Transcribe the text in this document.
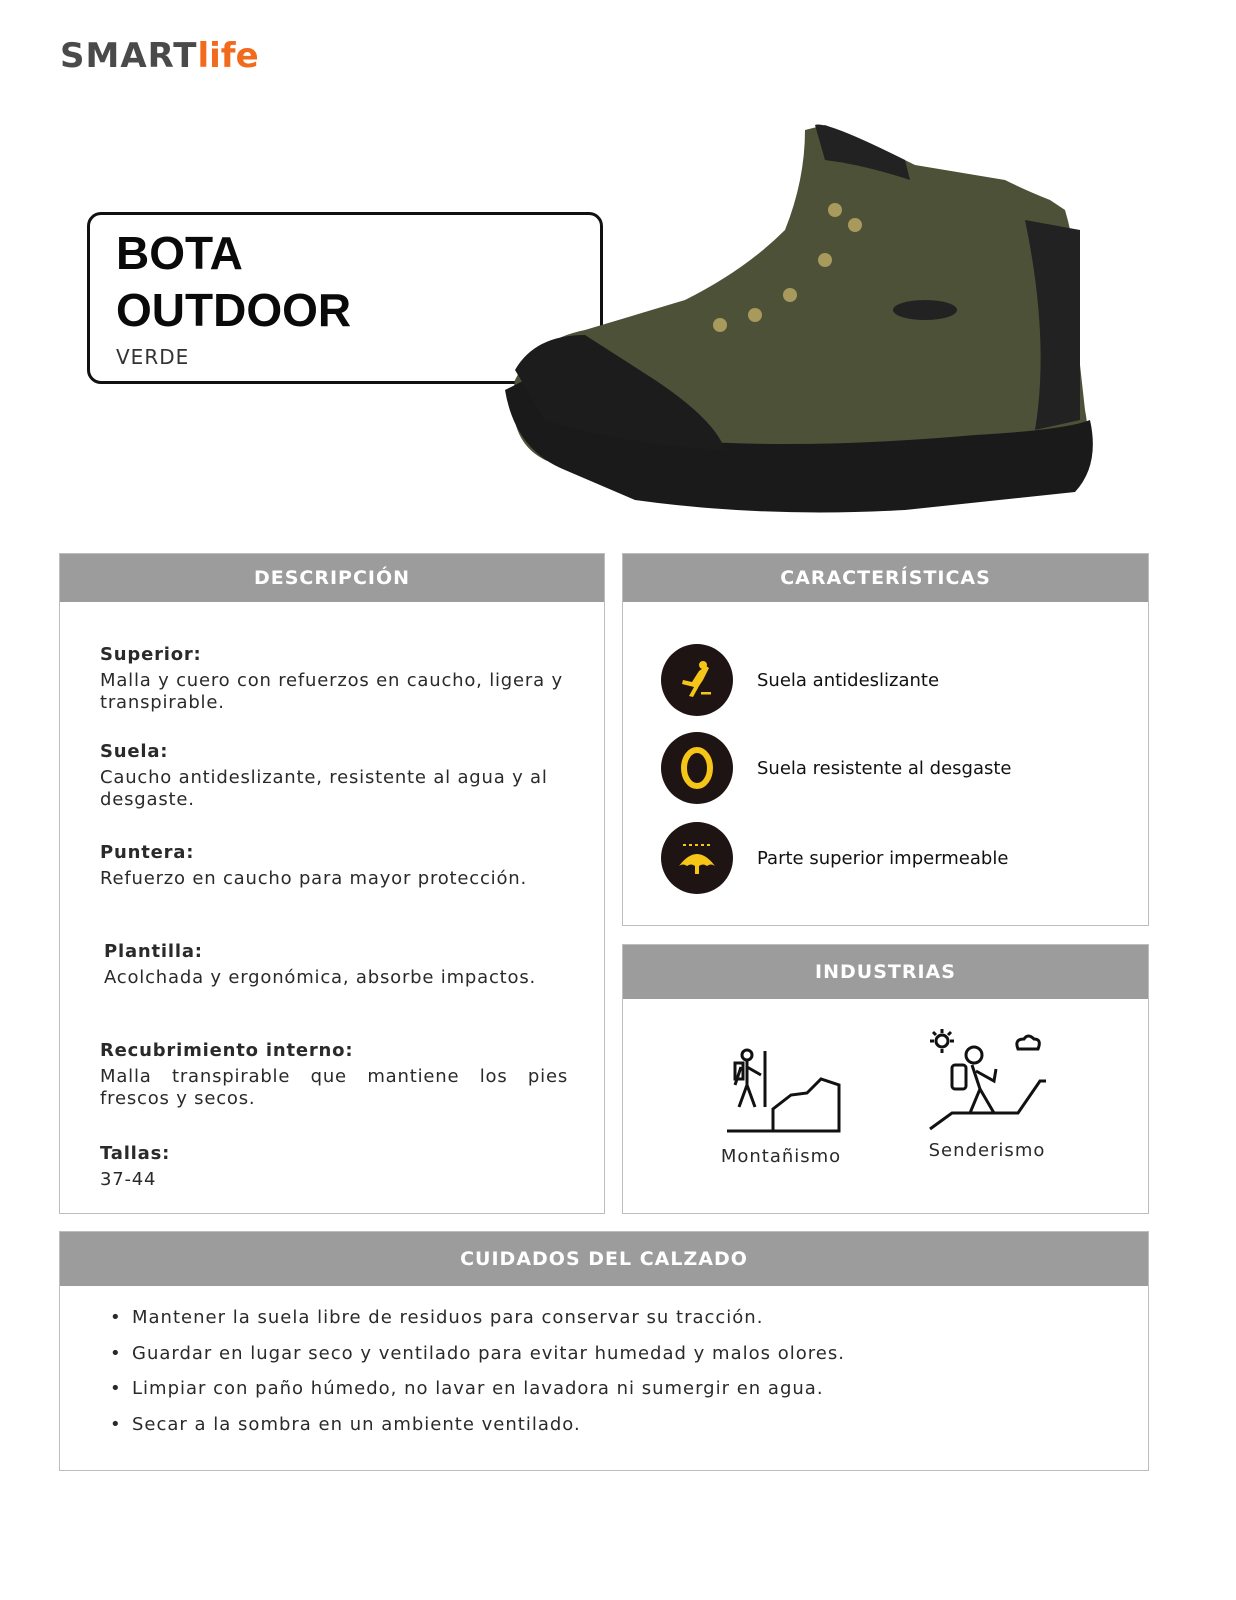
SMARTlife
BOTA
OUTDOOR
VERDE
DESCRIPCIÓN
Superior:
Malla y cuero con refuerzos en caucho, ligera y transpirable.
Suela:
Caucho antideslizante, resistente al agua y al desgaste.
Puntera:
Refuerzo en caucho para mayor protección.
Plantilla:
Acolchada y ergonómica, absorbe impactos.
Recubrimiento interno:
Malla transpirable que mantiene los pies frescos y secos.
Tallas:
37-44
CARACTERÍSTICAS
Suela antideslizante
Suela resistente al desgaste
Parte superior impermeable
INDUSTRIAS
Montañismo	Senderismo
CUIDADOS DEL CALZADO
• Mantener la suela libre de residuos para conservar su tracción.
• Guardar en lugar seco y ventilado para evitar humedad y malos olores.
• Limpiar con paño húmedo, no lavar en lavadora ni sumergir en agua.
• Secar a la sombra en un ambiente ventilado.
